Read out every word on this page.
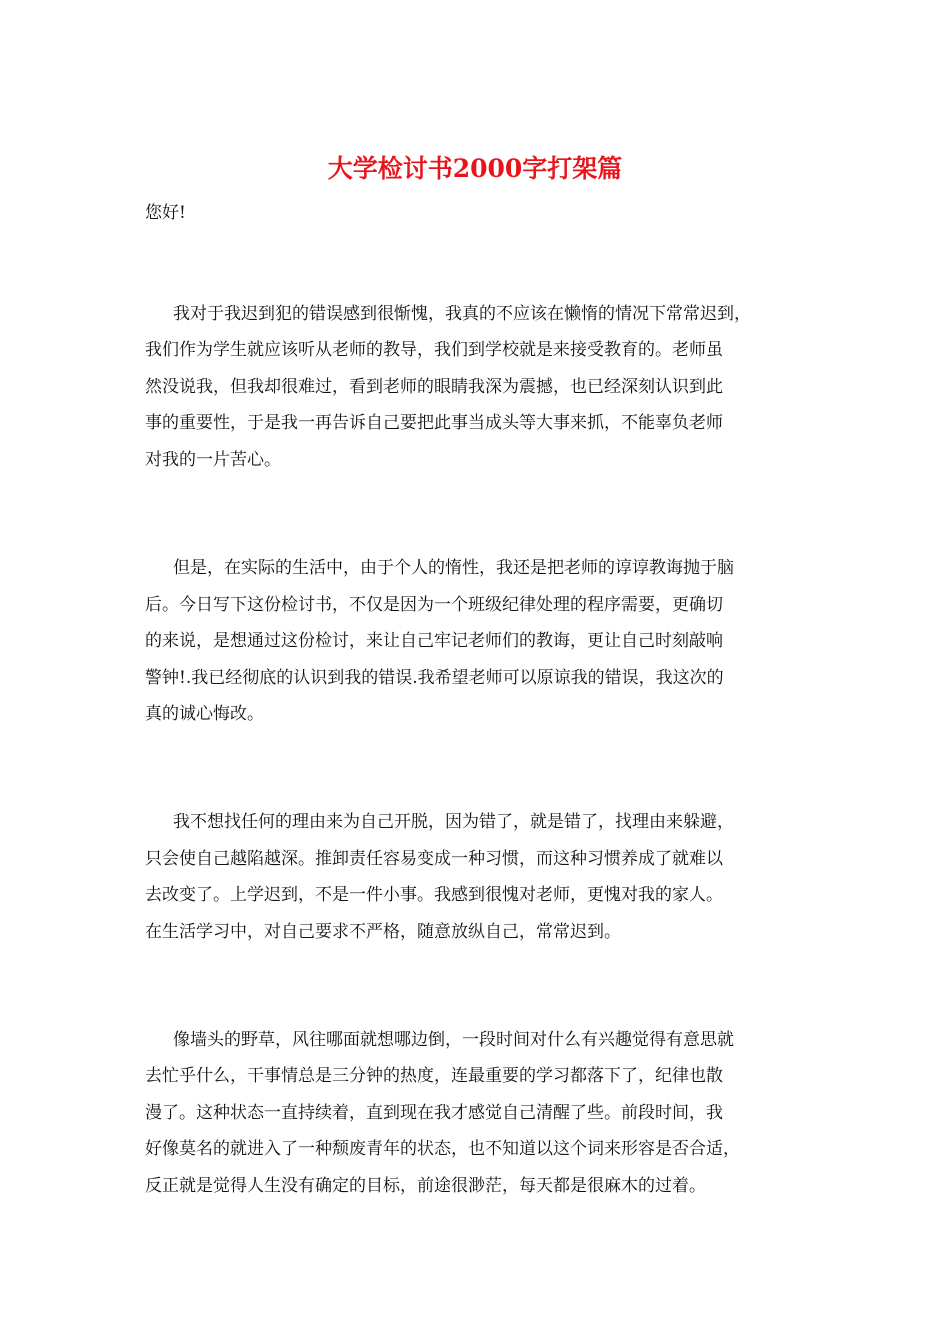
大学检讨书2000字打架篇
您好!
我对于我迟到犯的错误感到很惭愧，我真的不应该在懒惰的情况下常常迟到，
我们作为学生就应该听从老师的教导，我们到学校就是来接受教育的。老师虽
然没说我，但我却很难过，看到老师的眼睛我深为震撼，也已经深刻认识到此
事的重要性，于是我一再告诉自己要把此事当成头等大事来抓，不能辜负老师
对我的一片苦心。
但是，在实际的生活中，由于个人的惰性，我还是把老师的谆谆教诲抛于脑
后。今日写下这份检讨书，不仅是因为一个班级纪律处理的程序需要，更确切
的来说，是想通过这份检讨，来让自己牢记老师们的教诲，更让自己时刻敲响
警钟!.我已经彻底的认识到我的错误.我希望老师可以原谅我的错误，我这次的
真的诚心悔改。
我不想找任何的理由来为自己开脱，因为错了，就是错了，找理由来躲避，
只会使自己越陷越深。推卸责任容易变成一种习惯，而这种习惯养成了就难以
去改变了。上学迟到，不是一件小事。我感到很愧对老师，更愧对我的家人。
在生活学习中，对自己要求不严格，随意放纵自己，常常迟到。
像墙头的野草，风往哪面就想哪边倒，一段时间对什么有兴趣觉得有意思就
去忙乎什么，干事情总是三分钟的热度，连最重要的学习都落下了，纪律也散
漫了。这种状态一直持续着，直到现在我才感觉自己清醒了些。前段时间，我
好像莫名的就进入了一种颓废青年的状态，也不知道以这个词来形容是否合适，
反正就是觉得人生没有确定的目标，前途很渺茫，每天都是很麻木的过着。
